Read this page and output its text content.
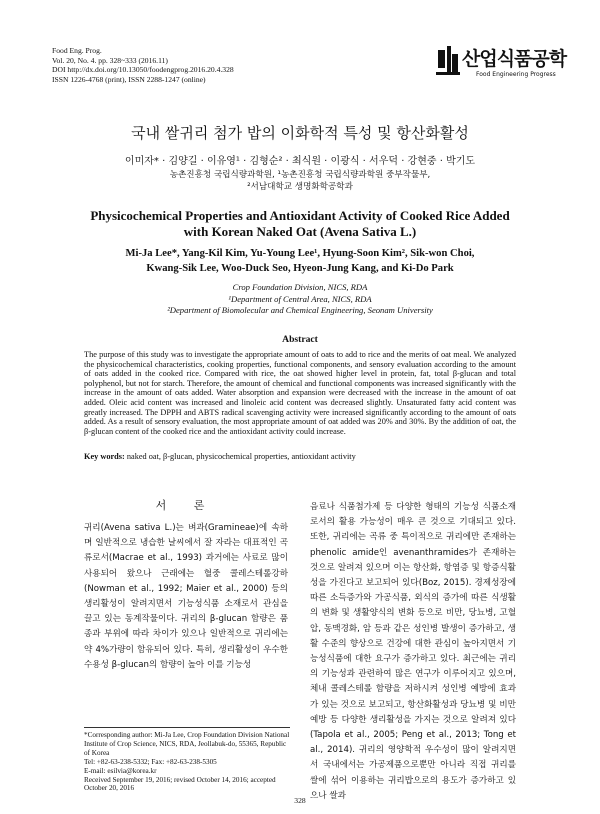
Food Eng. Prog.
Vol. 20, No. 4. pp. 328~333 (2016.11)
DOI http://dx.doi.org/10.13050/foodengprog.2016.20.4.328
ISSN 1226-4768 (print), ISSN 2288-1247 (online)
산업식품공학
Food Engineering Progress
국내 쌀귀리 첨가 밥의 이화학적 특성 및 항산화활성
이미자* · 김양길 · 이유영¹ · 김형순² · 최식원 · 이광식 · 서우덕 · 강현중 · 박기도
농촌진흥청 국립식량과학원, ¹농촌진흥청 국립식량과학원 중부작물부,
²서남대학교 생명화학공학과
Physicochemical Properties and Antioxidant Activity of Cooked Rice Added
with Korean Naked Oat (Avena Sativa L.)
Mi-Ja Lee*, Yang-Kil Kim, Yu-Young Lee¹, Hyung-Soon Kim², Sik-won Choi,
Kwang-Sik Lee, Woo-Duck Seo, Hyeon-Jung Kang, and Ki-Do Park
Crop Foundation Division, NICS, RDA
¹Department of Central Area, NICS, RDA
²Department of Biomolecular and Chemical Engineering, Seonam University
Abstract
The purpose of this study was to investigate the appropriate amount of oats to add to rice and the merits of oat meal. We analyzed the physicochemical characteristics, cooking properties, functional components, and sensory evaluation according to the amount of oats added in the cooked rice. Compared with rice, the oat showed higher level in protein, fat, total β-glucan and total polyphenol, but not for starch. Therefore, the amount of chemical and functional components was increased significantly with the increase in the amount of oats added. Water absorption and expansion were decreased with the increase in the amount of oat added. Oleic acid content was increased and linoleic acid content was decreased slightly. Unsaturated fatty acid content was greatly increased. The DPPH and ABTS radical scavenging activity were increased significantly according to the amount of oats added. As a result of sensory evaluation, the most appropriate amount of oat added was 20% and 30%. By the addition of oat, the β-glucan content of the cooked rice and the antioxidant activity could increase.
Key words: naked oat, β-glucan, physicochemical properties, antioxidant activity
서 론
귀리(Avena sativa L.)는 벼과(Gramineae)에 속하며 일반적으로 냉습한 날씨에서 잘 자라는 대표적인 곡류로서(Macrae et al., 1993) 과거에는 사료로 많이 사용되어 왔으나 근래에는 혈중 콜레스테롤강하(Nowman et al., 1992; Maier et al., 2000) 등의 생리활성이 알려지면서 기능성식품 소재로서 관심을 끌고 있는 동계작물이다. 귀리의 β-glucan 함량은 품종과 부위에 따라 차이가 있으나 일반적으로 귀리에는 약 4%가량이 함유되어 있다. 특히, 생리활성이 우수한 수용성 β-glucan의 함량이 높아 이를 기능성
음료나 식품첨가제 등 다양한 형태의 기능성 식품소재로서의 활용 가능성이 매우 큰 것으로 기대되고 있다. 또한, 귀리에는 곡류 중 특이적으로 귀리에만 존재하는 phenolic amide인 avenanthramides가 존재하는 것으로 알려져 있으며 이는 항산화, 항염증 및 항증식활성을 가진다고 보고되어 있다(Boz, 2015). 경제성장에 따른 소득증가와 가공식품, 외식의 증가에 따른 식생활의 변화 및 생활양식의 변화 등으로 비만, 당뇨병, 고혈압, 동맥경화, 암 등과 같은 성인병 발생이 증가하고, 생활 수준의 향상으로 건강에 대한 관심이 높아지면서 기능성식품에 대한 요구가 증가하고 있다. 최근에는 귀리의 기능성과 관련하여 많은 연구가 이루어지고 있으며, 체내 콜레스테롤 함량을 저하시켜 성인병 예방에 효과가 있는 것으로 보고되고, 항산화활성과 당뇨병 및 비만 예방 등 다양한 생리활성을 가지는 것으로 알려져 있다(Tapola et al., 2005; Peng et al., 2013; Tong et al., 2014). 귀리의 영양학적 우수성이 많이 알려지면서 국내에서는 가공제품으로뿐만 아니라 직접 귀리를 쌀에 섞어 이용하는 귀리밥으로의 용도가 증가하고 있으나 쌀과
*Corresponding author: Mi-Ja Lee, Crop Foundation Division National Institute of Crop Science, NICS, RDA, Jeollabuk-do, 55365, Republic of Korea
Tel: +82-63-238-5332; Fax: +82-63-238-5305
E-mail: esilvia@korea.kr
Received September 19, 2016; revised October 14, 2016; accepted October 20, 2016
328
